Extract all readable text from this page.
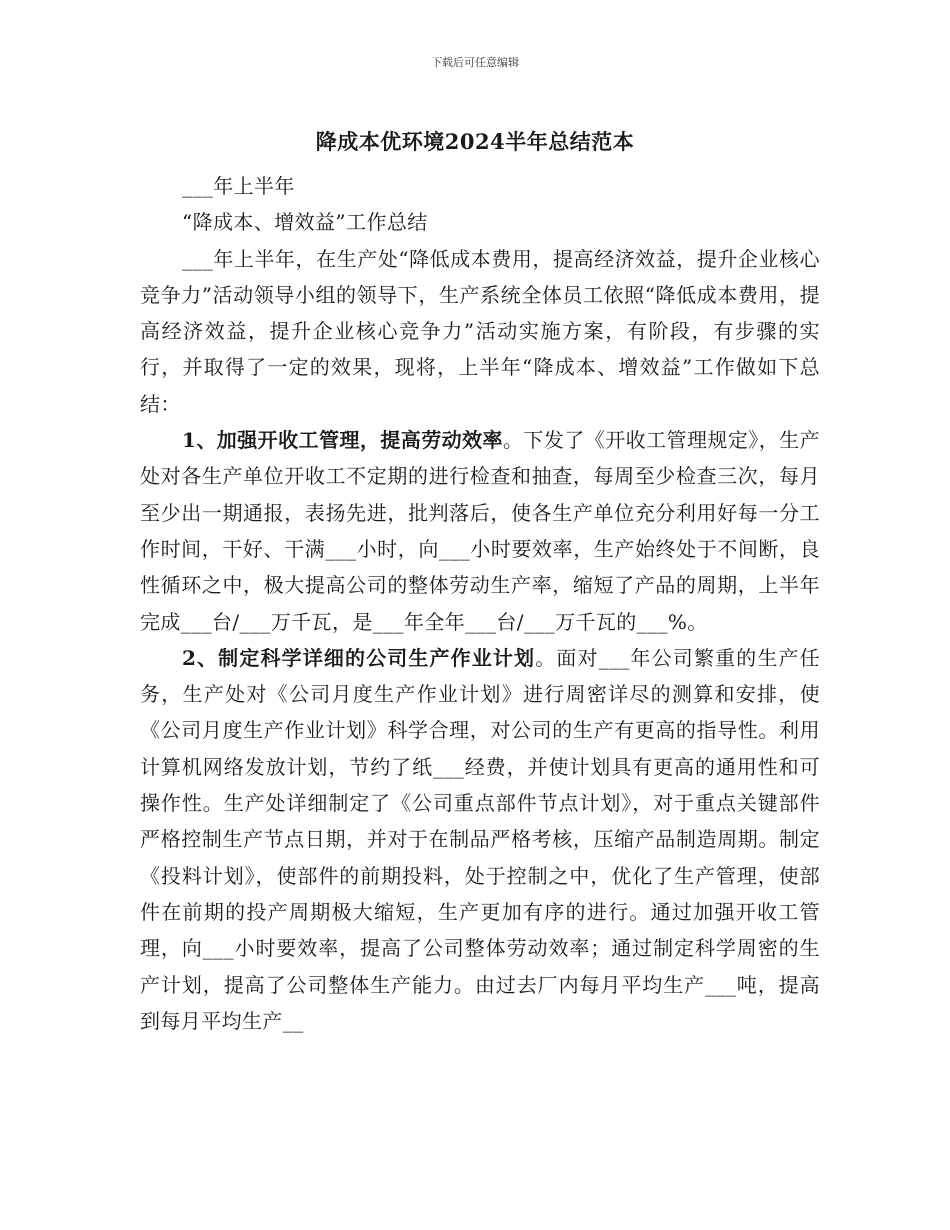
下载后可任意编辑
降成本优环境2024半年总结范本

___年上半年

“降成本、增效益”工作总结

___年上半年，在生产处“降低成本费用，提高经济效益，提升企业核心竞争力”活动领导小组的领导下，生产系统全体员工依照“降低成本费用，提高经济效益，提升企业核心竞争力”活动实施方案，有阶段，有步骤的实行，并取得了一定的效果，现将，上半年“降成本、增效益”工作做如下总结：

1、加强开收工管理，提高劳动效率。下发了《开收工管理规定》，生产处对各生产单位开收工不定期的进行检查和抽查，每周至少检查三次，每月至少出一期通报，表扬先进，批判落后，使各生产单位充分利用好每一分工作时间，干好、干满___小时，向___小时要效率，生产始终处于不间断，良性循环之中，极大提高公司的整体劳动生产率，缩短了产品的周期，上半年完成___台/___万千瓦，是___年全年___台/___万千瓦的___%。

2、制定科学详细的公司生产作业计划。面对___年公司繁重的生产任务，生产处对《公司月度生产作业计划》进行周密详尽的测算和安排，使《公司月度生产作业计划》科学合理，对公司的生产有更高的指导性。利用计算机网络发放计划，节约了纸___经费，并使计划具有更高的通用性和可操作性。生产处详细制定了《公司重点部件节点计划》，对于重点关键部件严格控制生产节点日期，并对于在制品严格考核，压缩产品制造周期。制定《投料计划》，使部件的前期投料，处于控制之中，优化了生产管理，使部件在前期的投产周期极大缩短，生产更加有序的进行。通过加强开收工管理，向___小时要效率，提高了公司整体劳动效率；通过制定科学周密的生产计划，提高了公司整体生产能力。由过去厂内每月平均生产___吨，提高到每月平均生产__
